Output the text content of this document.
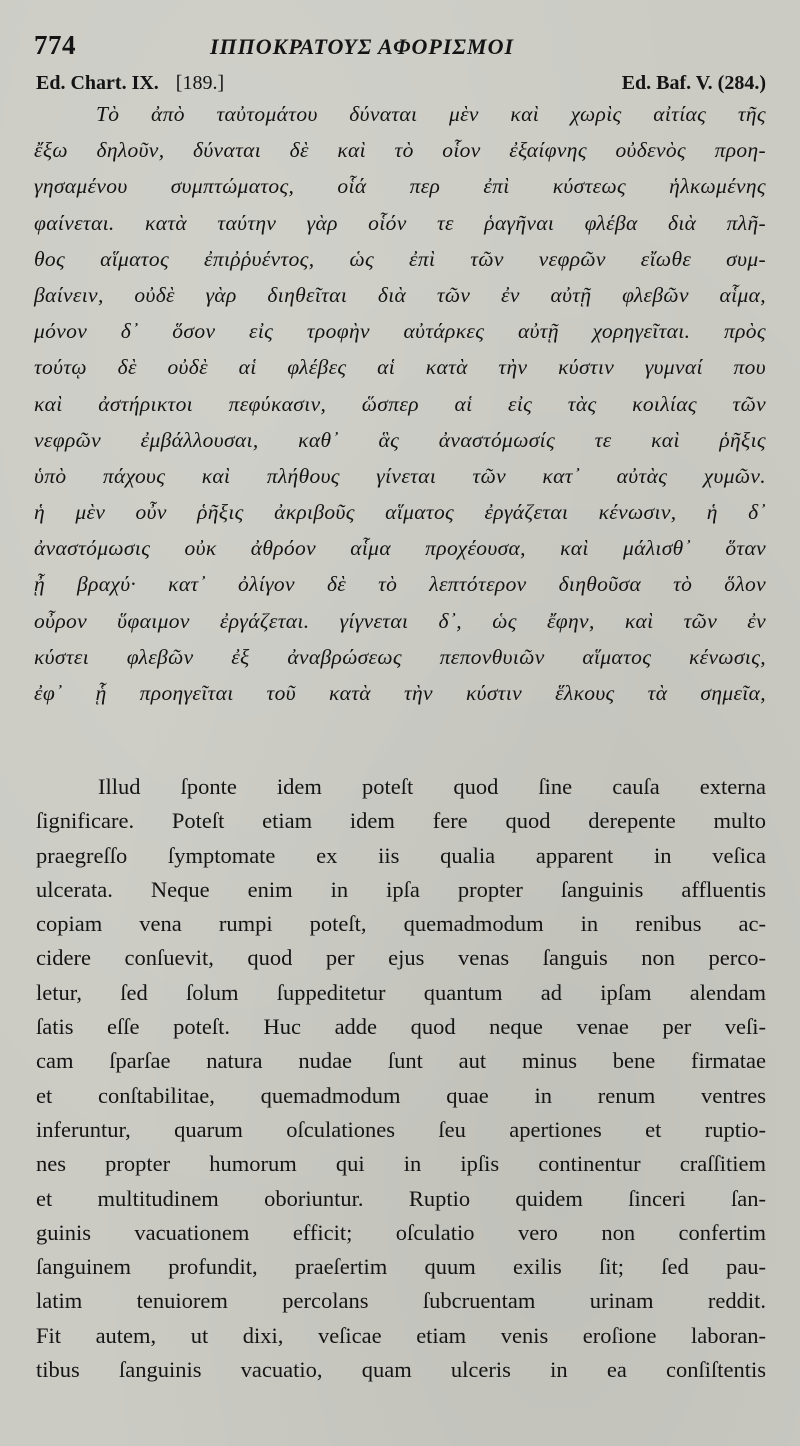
774	ΙΠΠΟΚΡΑΤΟΥΣ ΑΦΟΡΙΣΜΟΙ
Ed. Chart. IX. [189.]	Ed. Baf. V. (284.)
Τὸ ἀπὸ ταὐτομάτου δύναται μὲν καὶ χωρὶς αἰτίας τῆς
ἔξω δηλοῦν, δύναται δὲ καὶ τὸ οἷον ἐξαίφνης οὐδενὸς προη-
γησαμένου συμπτώματος, οἷά περ ἐπὶ κύστεως ἡλκωμένης
φαίνεται. κατὰ ταύτην γὰρ οἷόν τε ῥαγῆναι φλέβα διὰ πλῆ-
θος αἵματος ἐπιῤῥυέντος, ὡς ἐπὶ τῶν νεφρῶν εἴωθε συμ-
βαίνειν, οὐδὲ γὰρ διηθεῖται διὰ τῶν ἐν αὐτῇ φλεβῶν αἷμα,
μόνον δ᾽ ὅσον εἰς τροφὴν αὐτάρκες αὐτῇ χορηγεῖται. πρὸς
τούτῳ δὲ οὐδὲ αἱ φλέβες αἱ κατὰ τὴν κύστιν γυμναί που
καὶ ἀστήρικτοι πεφύκασιν, ὥσπερ αἱ εἰς τὰς κοιλίας τῶν
νεφρῶν ἐμβάλλουσαι, καθ᾽ ἃς ἀναστόμωσίς τε καὶ ῥῆξις
ὑπὸ πάχους καὶ πλήθους γίνεται τῶν κατ᾽ αὐτὰς χυμῶν.
ἡ μὲν οὖν ῥῆξις ἀκριβοῦς αἵματος ἐργάζεται κένωσιν, ἡ δ᾽
ἀναστόμωσις οὐκ ἀθρόον αἷμα προχέουσα, καὶ μάλισθ᾽ ὅταν
ᾖ βραχύ· κατ᾽ ὀλίγον δὲ τὸ λεπτότερον διηθοῦσα τὸ ὅλον
οὖρον ὕφαιμον ἐργάζεται. γίγνεται δ᾽, ὡς ἔφην, καὶ τῶν ἐν
κύστει φλεβῶν ἐξ ἀναβρώσεως πεπονθυιῶν αἵματος κένωσις,
ἐφ᾽ ᾗ προηγεῖται τοῦ κατὰ τὴν κύστιν ἕλκους τὰ σημεῖα,
Illud ſponte idem poteſt quod ſine cauſa externa
ſignificare. Poteſt etiam idem fere quod derepente multo
praegreſſo ſymptomate ex iis qualia apparent in veſica
ulcerata. Neque enim in ipſa propter ſanguinis affluentis
copiam vena rumpi poteſt, quemadmodum in renibus ac-
cidere conſuevit, quod per ejus venas ſanguis non perco-
letur, ſed ſolum ſuppeditetur quantum ad ipſam alendam
ſatis eſſe poteſt. Huc adde quod neque venae per veſi-
cam ſparſae natura nudae ſunt aut minus bene firmatae
et conſtabilitae, quemadmodum quae in renum ventres
inferuntur, quarum oſculationes ſeu apertiones et ruptio-
nes propter humorum qui in ipſis continentur craſſitiem
et multitudinem oboriuntur. Ruptio quidem ſinceri ſan-
guinis vacuationem efficit; oſculatio vero non confertim
ſanguinem profundit, praeſertim quum exilis ſit; ſed pau-
latim tenuiorem percolans ſubcruentam urinam reddit.
Fit autem, ut dixi, veſicae etiam venis eroſione laboran-
tibus ſanguinis vacuatio, quam ulceris in ea conſiſtentis
